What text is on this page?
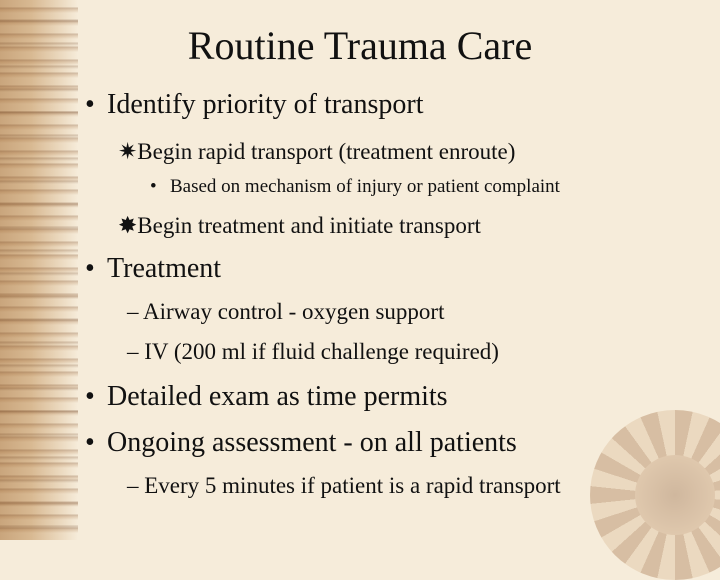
Routine Trauma Care
• Identify priority of transport
✷Begin rapid transport (treatment enroute)
• Based on mechanism of injury or patient complaint
✸Begin treatment and initiate transport
• Treatment
– Airway control - oxygen support
– IV (200 ml if fluid challenge required)
• Detailed exam as time permits
• Ongoing assessment - on all patients
– Every 5 minutes if patient is a rapid transport
